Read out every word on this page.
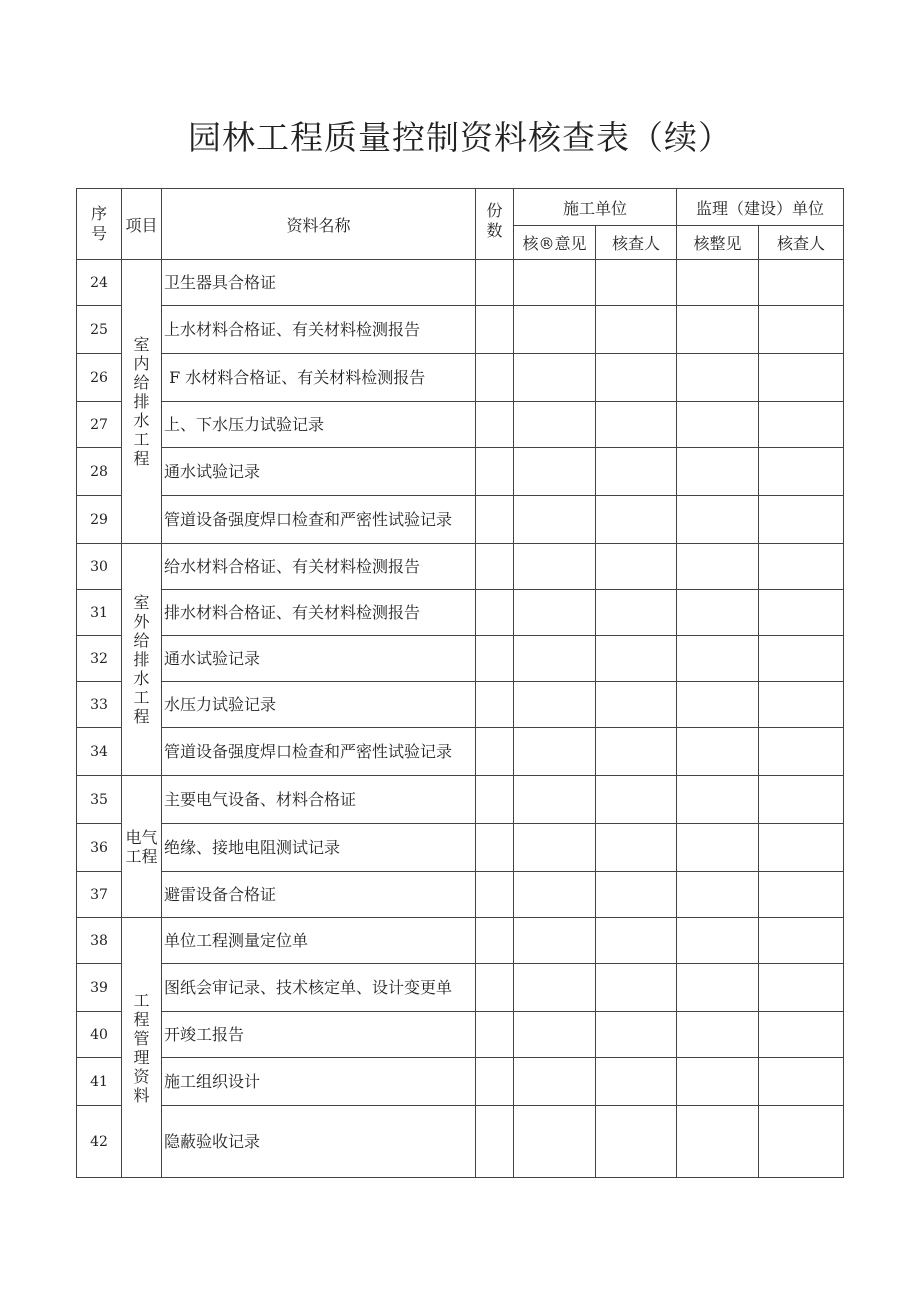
园林工程质量控制资料核查表（续）
序号	项目	资料名称	份数	施工单位		监理（建设）单位	
				核®意见	核查人	核整见	核查人
24	室内给排水工程	卫生器具合格证					
25		上水材料合格证、有关材料检测报告					
26		F 水材料合格证、有关材料检测报告					
27		上、下水压力试验记录					
28		通水试验记录					
29		管道设备强度焊口检查和严密性试验记录					
30	室外给排水工程	给水材料合格证、有关材料检测报告					
31		排水材料合格证、有关材料检测报告					
32		通水试验记录					
33		水压力试验记录					
34		管道设备强度焊口检查和严密性试验记录					
35	电气工程	主要电气设备、材料合格证					
36		绝缘、接地电阻测试记录					
37		避雷设备合格证					
38	工程管理资料	单位工程测量定位单					
39		图纸会审记录、技术核定单、设计变更单					
40		开竣工报告					
41		施工组织设计					
42		隐蔽验收记录					
